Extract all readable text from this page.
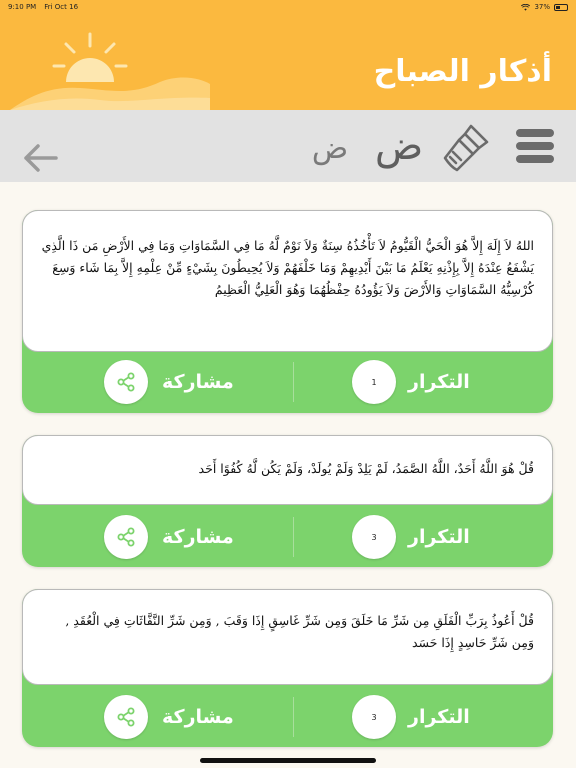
9:10 PM Fri Oct 16	37%
أذكار الصباح
ض ض
اللهُ لاَ إِلَهَ إِلاَّ هُوَ الْحَيُّ الْقَيُّومُ لاَ تَأْخُذُهُ سِنَةٌ وَلاَ نَوْمٌ لَّهُ مَا فِي السَّمَاوَاتِ وَمَا فِي الأَرْضِ مَن ذَا الَّذِي يَشْفَعُ عِنْدَهُ إِلاَّ بِإِذْنِهِ يَعْلَمُ مَا بَيْنَ أَيْدِيهِمْ وَمَا خَلْفَهُمْ وَلاَ يُحِيطُونَ بِشَيْءٍ مِّنْ عِلْمِهِ إِلاَّ بِمَا شَاء وَسِعَ كُرْسِيُّهُ السَّمَاوَاتِ وَالأَرْضَ وَلاَ يَؤُودُهُ حِفْظُهُمَا وَهُوَ الْعَلِيُّ الْعَظِيمُ
1 التكرار
مشاركة
قُلْ هُوَ اللَّهُ أَحَدٌ، اللَّهُ الصَّمَدُ، لَمْ يَلِدْ وَلَمْ يُولَدْ، وَلَمْ يَكُن لَّهُ كُفُوًا أَحَد
3 التكرار
مشاركة
قُلْ أَعُوذُ بِرَبِّ الْفَلَقِ مِن شَرِّ مَا خَلَقَ وَمِن شَرِّ غَاسِقٍ إِذَا وَقَبَ , وَمِن شَرِّ النَّفَّاثَاتِ فِي الْعُقَدِ , وَمِن شَرِّ حَاسِدٍ إِذَا حَسَد
3 التكرار
مشاركة
